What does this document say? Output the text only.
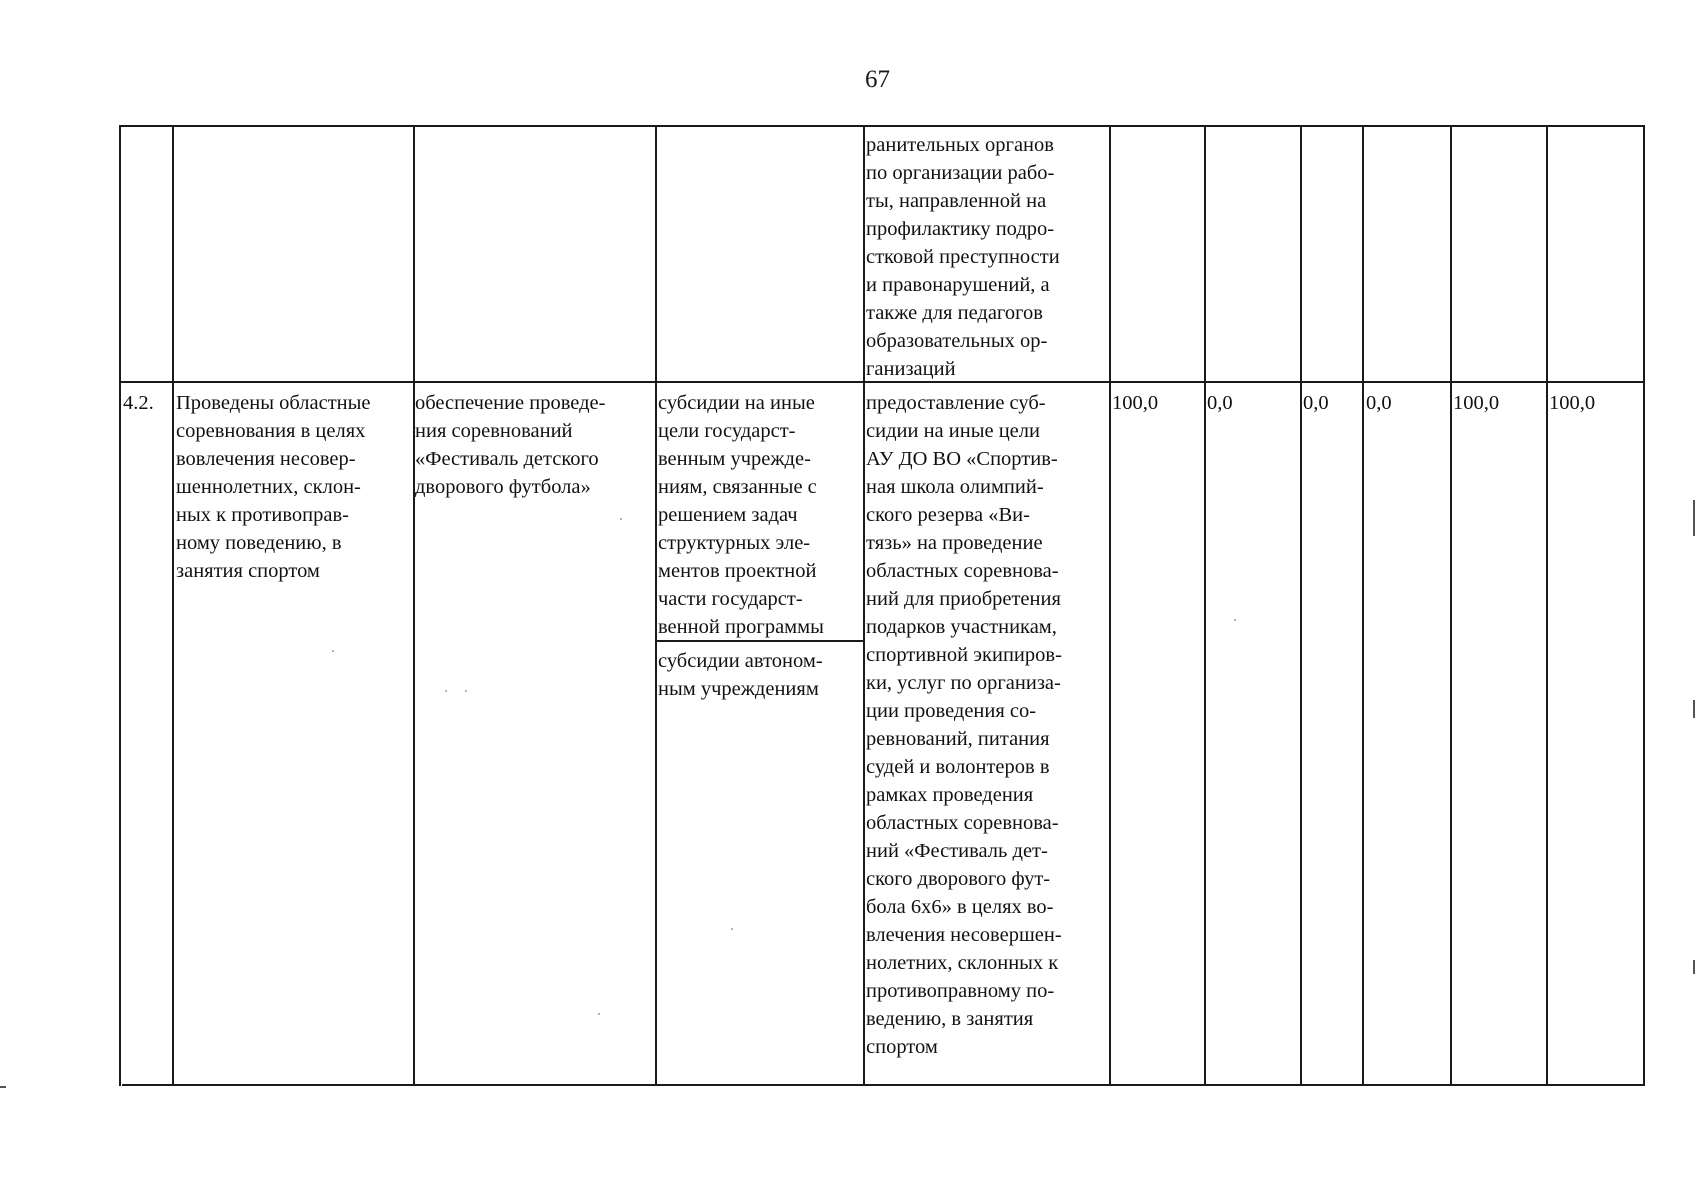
67

ранительных органов
по организации рабо-
ты, направленной на
профилактику подро-
стковой преступности
и правонарушений, а
также для педагогов
образовательных ор-
ганизаций

4.2. Проведены областные
соревнования в целях
вовлечения несовер-
шеннолетних, склон-
ных к противоправ-
ному поведению, в
занятия спортом

обеспечение проведе-
ния соревнований
«Фестиваль детского
дворового футбола»

субсидии на иные
цели государст-
венным учрежде-
ниям, связанные с
решением задач
структурных эле-
ментов проектной
части государст-
венной программы

субсидии автоном-
ным учреждениям

предоставление суб-
сидии на иные цели
АУ ДО ВО «Спортив-
ная школа олимпий-
ского резерва «Ви-
тязь» на проведение
областных соревнова-
ний для приобретения
подарков участникам,
спортивной экипиров-
ки, услуг по организа-
ции проведения со-
ревнований, питания
судей и волонтеров в
рамках проведения
областных соревнова-
ний «Фестиваль дет-
ского дворового фут-
бола 6х6» в целях во-
влечения несовершен-
нолетних, склонных к
противоправному по-
ведению, в занятия
спортом

100,0 0,0	0,0 0,0	100,0 100,0
